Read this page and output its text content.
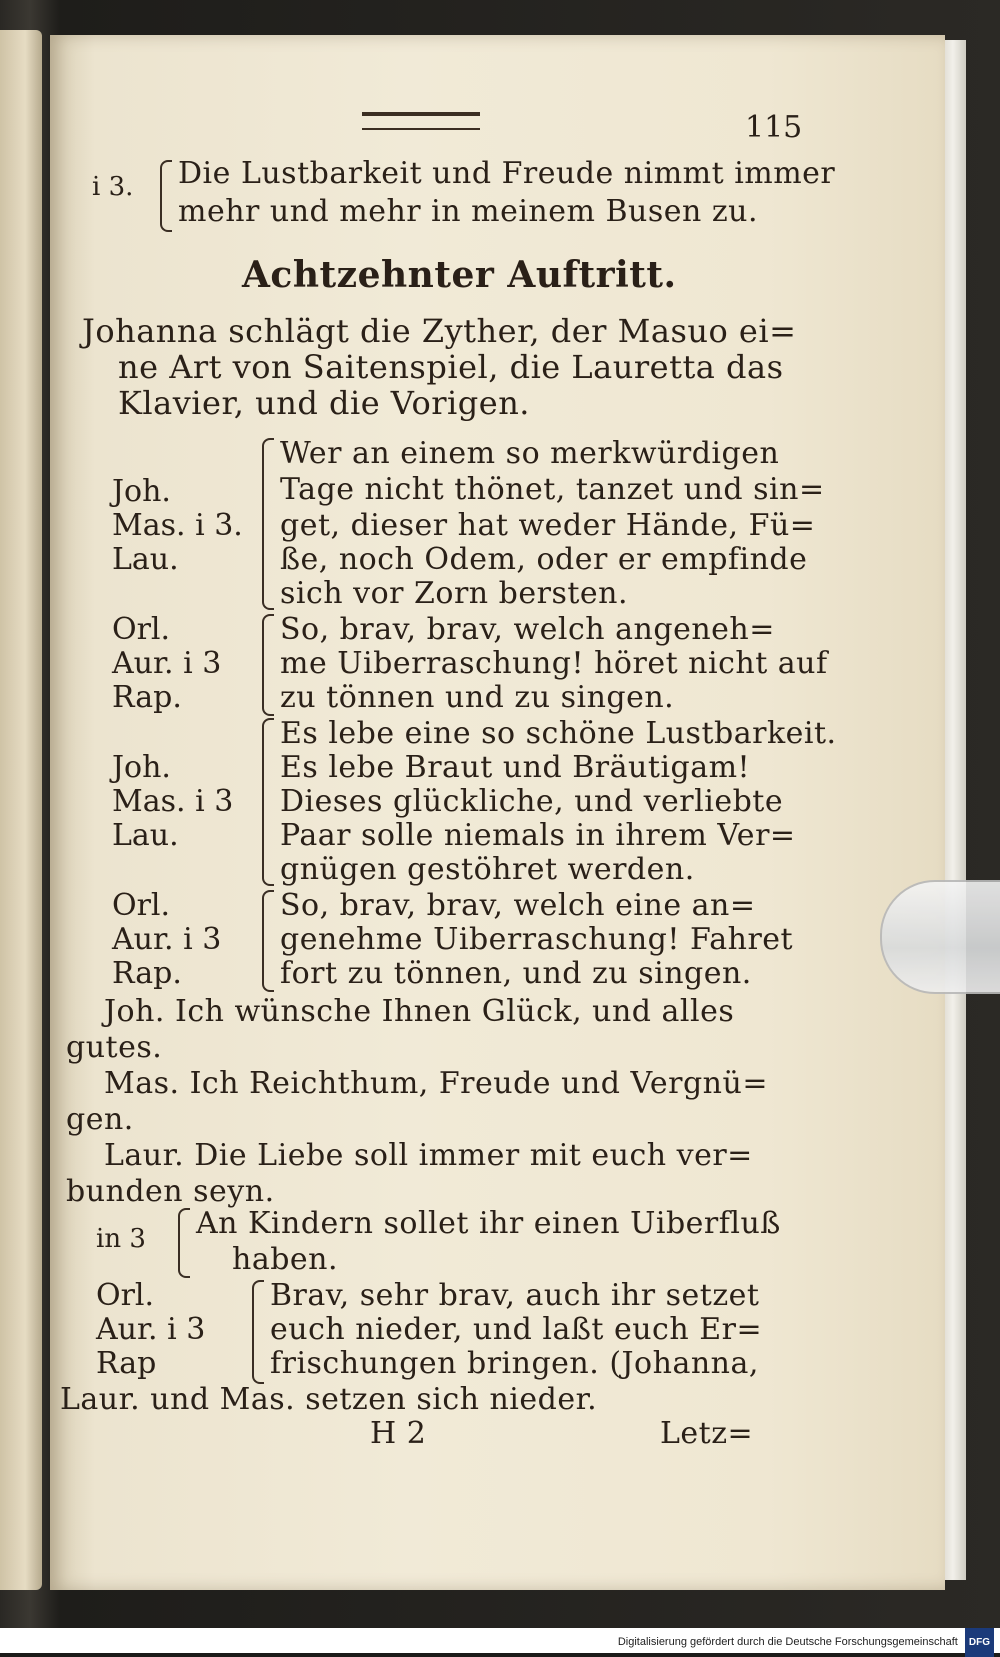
115
i 3. Die Lustbarkeit und Freude nimmt immer
mehr und mehr in meinem Busen zu.
Achtzehnter Auftritt.
Johanna schlägt die Zyther, der Masuo ei=
ne Art von Saitenspiel, die Lauretta das
Klavier, und die Vorigen.
Joh.
Mas. i 3.
Lau.
Wer an einem so merkwürdigen
Tage nicht thönet, tanzet und sin=
get, dieser hat weder Hände, Fü=
ße, noch Odem, oder er empfinde
sich vor Zorn bersten.
Orl.
Aur. i 3
Rap.
So, brav, brav, welch angeneh=
me Uiberraschung! höret nicht auf
zu tönnen und zu singen.
Joh.
Mas. i 3
Lau.
Es lebe eine so schöne Lustbarkeit.
Es lebe Braut und Bräutigam!
Dieses glückliche, und verliebte
Paar solle niemals in ihrem Ver=
gnügen gestöhret werden.
Orl.
Aur. i 3
Rap.
So, brav, brav, welch eine an=
genehme Uiberraschung! Fahret
fort zu tönnen, und zu singen.
Joh. Ich wünsche Ihnen Glück, und alles
gutes.
Mas. Ich Reichthum, Freude und Vergnü=
gen.
Laur. Die Liebe soll immer mit euch ver=
bunden seyn.
in 3 An Kindern sollet ihr einen Uiberfluß
haben.
Orl.
Aur. i 3
Rap
Brav, sehr brav, auch ihr setzet
euch nieder, und laßt euch Er=
frischungen bringen. (Johanna,
Laur. und Mas. setzen sich nieder.
H 2	Letz=
Digitalisierung gefördert durch die Deutsche Forschungsgemeinschaft DFG
